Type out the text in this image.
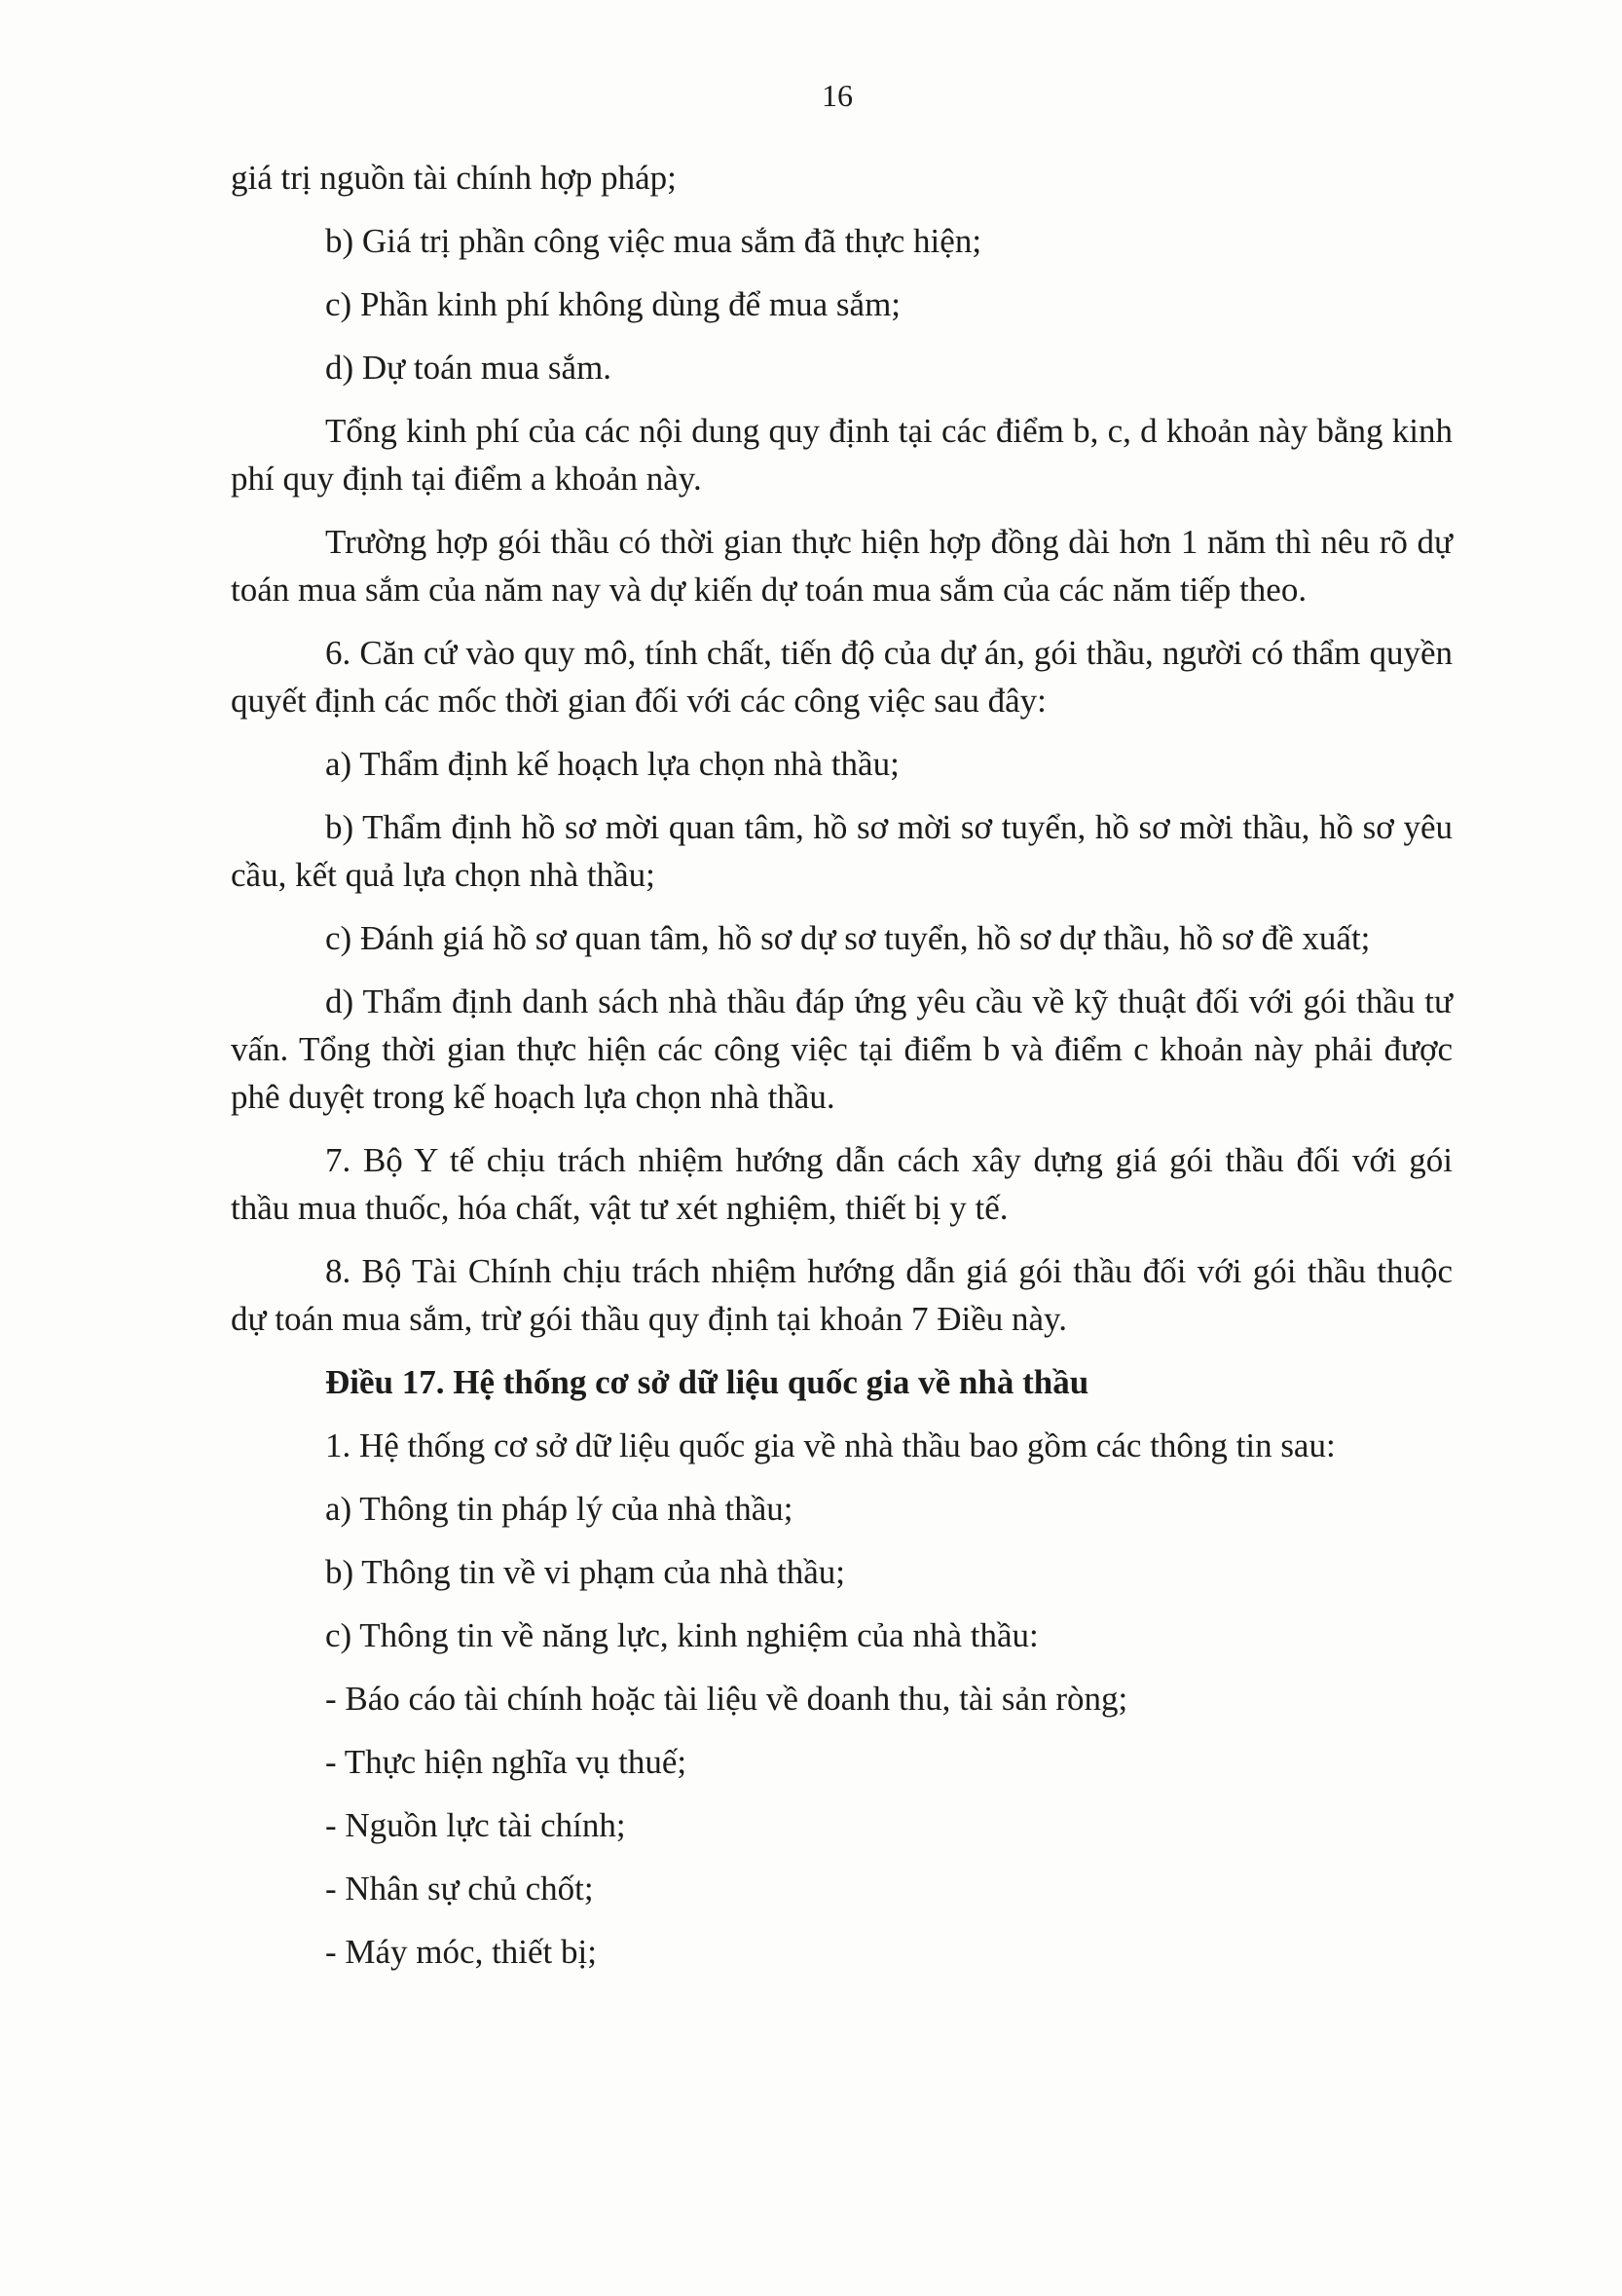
16

giá trị nguồn tài chính hợp pháp;

b) Giá trị phần công việc mua sắm đã thực hiện;

c) Phần kinh phí không dùng để mua sắm;

d) Dự toán mua sắm.

Tổng kinh phí của các nội dung quy định tại các điểm b, c, d khoản này bằng kinh phí quy định tại điểm a khoản này.

Trường hợp gói thầu có thời gian thực hiện hợp đồng dài hơn 1 năm thì nêu rõ dự toán mua sắm của năm nay và dự kiến dự toán mua sắm của các năm tiếp theo.

6. Căn cứ vào quy mô, tính chất, tiến độ của dự án, gói thầu, người có thẩm quyền quyết định các mốc thời gian đối với các công việc sau đây:

a) Thẩm định kế hoạch lựa chọn nhà thầu;

b) Thẩm định hồ sơ mời quan tâm, hồ sơ mời sơ tuyển, hồ sơ mời thầu, hồ sơ yêu cầu, kết quả lựa chọn nhà thầu;

c) Đánh giá hồ sơ quan tâm, hồ sơ dự sơ tuyển, hồ sơ dự thầu, hồ sơ đề xuất;

d) Thẩm định danh sách nhà thầu đáp ứng yêu cầu về kỹ thuật đối với gói thầu tư vấn. Tổng thời gian thực hiện các công việc tại điểm b và điểm c khoản này phải được phê duyệt trong kế hoạch lựa chọn nhà thầu.

7. Bộ Y tế chịu trách nhiệm hướng dẫn cách xây dựng giá gói thầu đối với gói thầu mua thuốc, hóa chất, vật tư xét nghiệm, thiết bị y tế.

8. Bộ Tài Chính chịu trách nhiệm hướng dẫn giá gói thầu đối với gói thầu thuộc dự toán mua sắm, trừ gói thầu quy định tại khoản 7 Điều này.

Điều 17. Hệ thống cơ sở dữ liệu quốc gia về nhà thầu

1. Hệ thống cơ sở dữ liệu quốc gia về nhà thầu bao gồm các thông tin sau:

a) Thông tin pháp lý của nhà thầu;

b) Thông tin về vi phạm của nhà thầu;

c) Thông tin về năng lực, kinh nghiệm của nhà thầu:

- Báo cáo tài chính hoặc tài liệu về doanh thu, tài sản ròng;

- Thực hiện nghĩa vụ thuế;

- Nguồn lực tài chính;

- Nhân sự chủ chốt;

- Máy móc, thiết bị;
